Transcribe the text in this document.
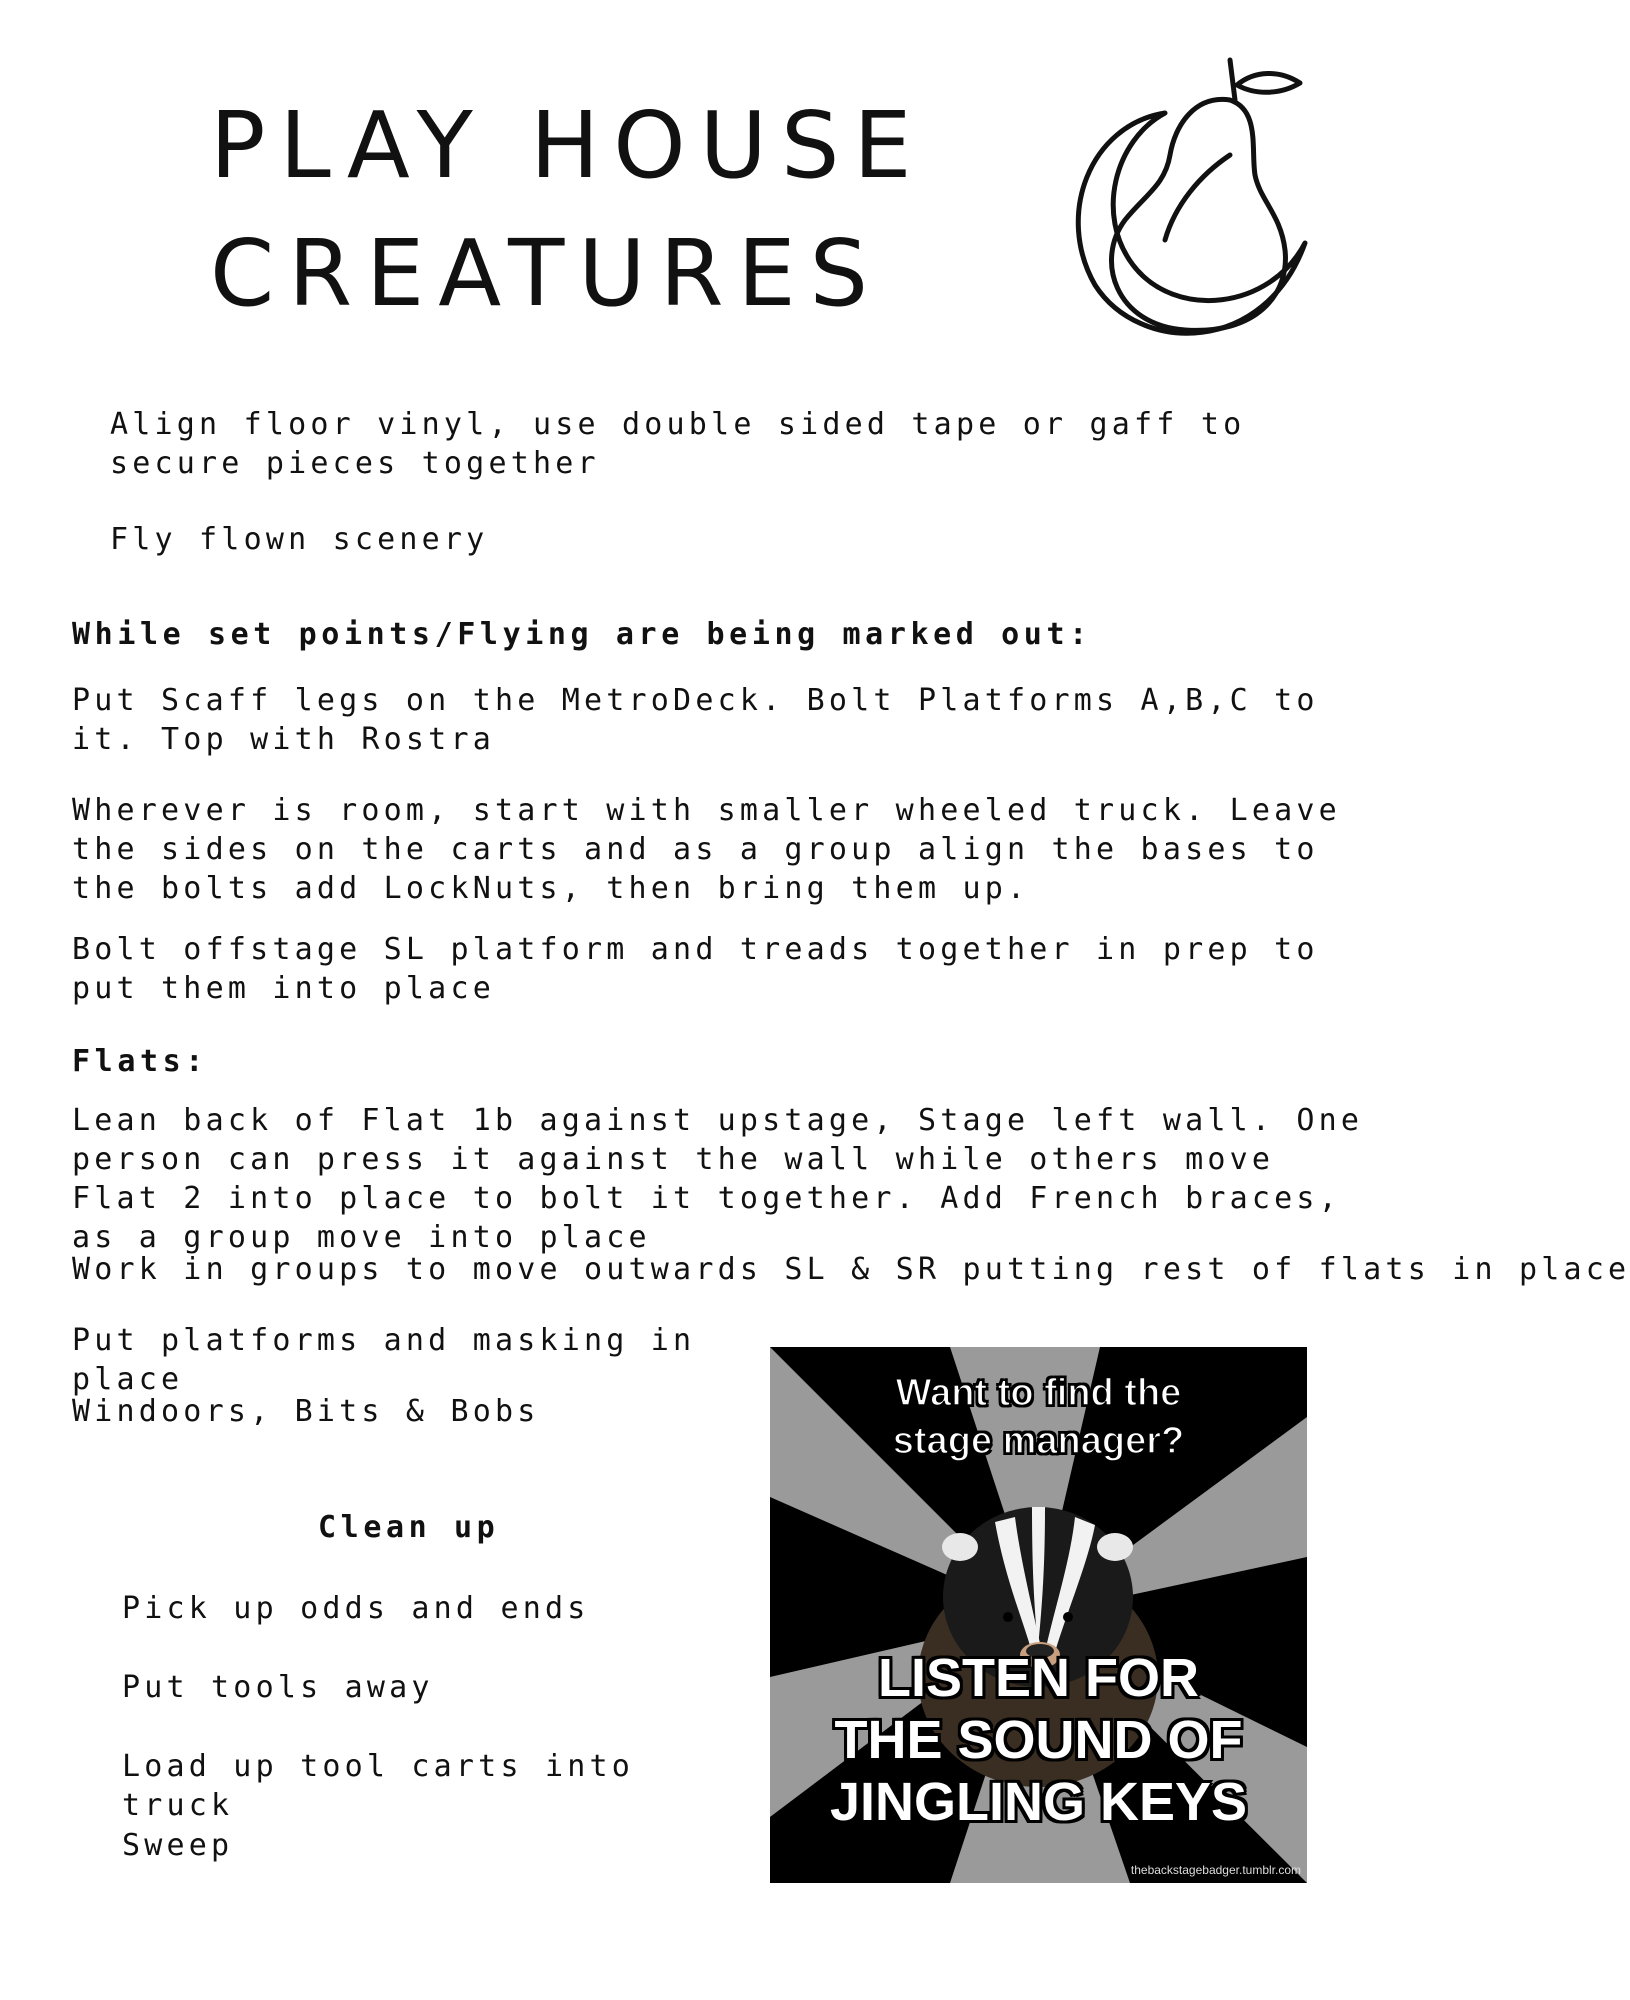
PLAY HOUSE
CREATURES

Align floor vinyl, use double sided tape or gaff to secure pieces together

Fly flown scenery

While set points/Flying are being marked out:

Put Scaff legs on the MetroDeck. Bolt Platforms A,B,C to it. Top with Rostra

Wherever is room, start with smaller wheeled truck. Leave the sides on the carts and as a group align the bases to the bolts add LockNuts, then bring them up.

Bolt offstage SL platform and treads together in prep to put them into place

Flats:

Lean back of Flat 1b against upstage, Stage left wall. One person can press it against the wall while others move Flat 2 into place to bolt it together. Add French braces, as a group move into place

Work in groups to move outwards SL & SR putting rest of flats in place

Put platforms and masking in place

Windoors, Bits & Bobs

Clean up

Pick up odds and ends

Put tools away

Load up tool carts into truck

Sweep

Want to find the
stage manager?
LISTEN FOR
THE SOUND OF
JINGLING KEYS
thebackstagebadger.tumblr.com
